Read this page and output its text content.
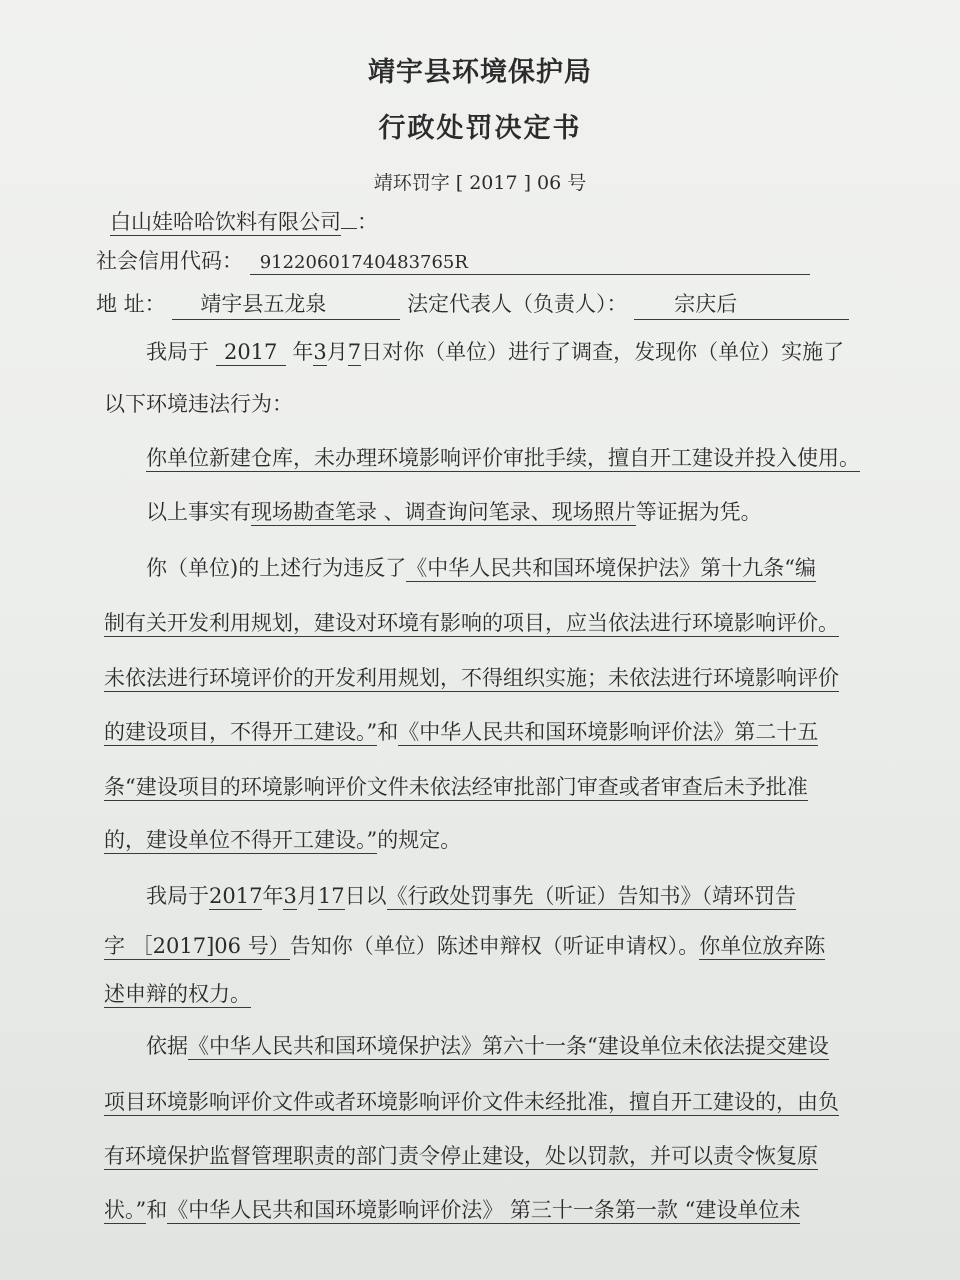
靖宇县环境保护局
行政处罚决定书
靖环罚字 [ 2017 ] 06 号
白山娃哈哈饮料有限公司 ：
社会信用代码： 91220601740483765R
地 址： 靖宇县五龙泉	法定代表人（负责人）： 宗庆后
我局于 2017 年3月7日对你（单位）进行了调查，发现你（单位）实施了
以下环境违法行为：
你单位新建仓库，未办理环境影响评价审批手续，擅自开工建设并投入使用。
以上事实有现场勘查笔录 、调查询问笔录、现场照片等证据为凭。
你（单位)的上述行为违反了《中华人民共和国环境保护法》第十九条“编
制有关开发利用规划，建设对环境有影响的项目，应当依法进行环境影响评价。
未依法进行环境评价的开发利用规划，不得组织实施；未依法进行环境影响评价
的建设项目，不得开工建设。”和《中华人民共和国环境影响评价法》第二十五
条“建设项目的环境影响评价文件未依法经审批部门审查或者审查后未予批准
的，建设单位不得开工建设。”的规定。
我局于2017年3月17日以《行政处罚事先（听证）告知书》（靖环罚告
字 ［2017]06 号）告知你（单位）陈述申辩权（听证申请权）。你单位放弃陈
述申辩的权力。
依据《中华人民共和国环境保护法》第六十一条“建设单位未依法提交建设
项目环境影响评价文件或者环境影响评价文件未经批准，擅自开工建设的，由负
有环境保护监督管理职责的部门责令停止建设，处以罚款，并可以责令恢复原
状。”和《中华人民共和国环境影响评价法》 第三十一条第一款 “建设单位未
